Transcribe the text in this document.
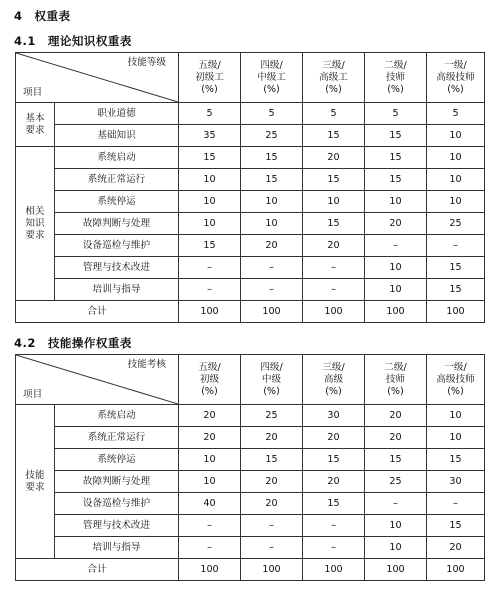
4　权重表
4.1　理论知识权重表
技能等级
项目		五级/
初级工
(%)	四级/
中级工
(%)	三级/
高级工
(%)	二级/
技师
(%)	一级/
高级技师
(%)

基本
要求	职业道德	5	5	5	5	5
	基础知识	35	25	15	15	10

相关
知识
要求	系统启动	15	15	20	15	10
	系统正常运行	10	15	15	15	10
	系统停运	10	10	10	10	10
	故障判断与处理	10	10	15	20	25
	设备巡检与维护	15	20	20	–	–
	管理与技术改进	–	–	–	10	15
	培训与指导	–	–	–	10	15
合计		100	100	100	100	100
4.2　技能操作权重表
技能考核
项目		五级/
初级
(%)	四级/
中级
(%)	三级/
高级
(%)	二级/
技师
(%)	一级/
高级技师
(%)

技能
要求	系统启动	20	25	30	20	10
	系统正常运行	20	20	20	20	10
	系统停运	10	15	15	15	15
	故障判断与处理	10	20	20	25	30
	设备巡检与维护	40	20	15	–	–
	管理与技术改进	–	–	–	10	15
	培训与指导	–	–	–	10	20
合计		100	100	100	100	100
